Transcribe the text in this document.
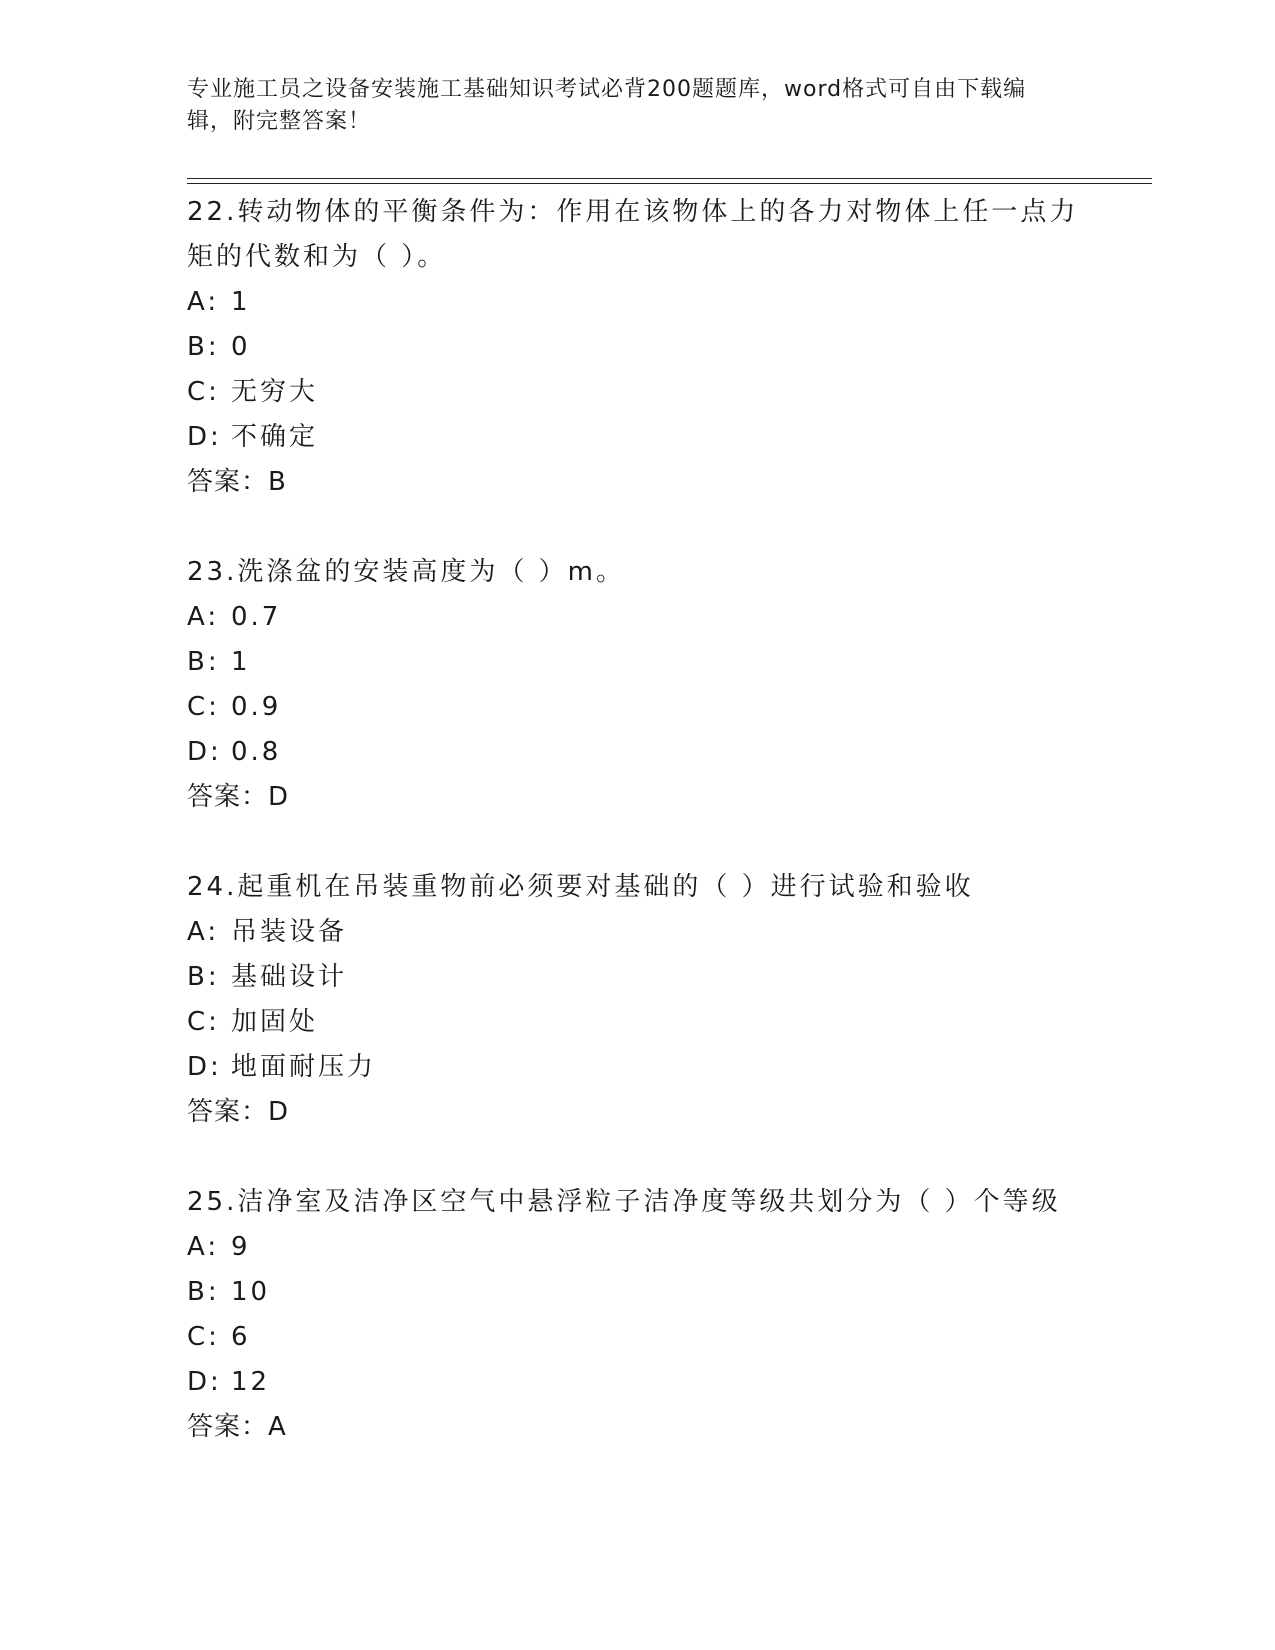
专业施工员之设备安装施工基础知识考试必背200题题库，word格式可自由下载编辑，附完整答案！

22.转动物体的平衡条件为：作用在该物体上的各力对物体上任一点力矩的代数和为（ ）。

A: 1

B: 0

C: 无穷大

D: 不确定

答案：B

23.洗涤盆的安装高度为（ ）m。

A: 0.7

B: 1

C: 0.9

D: 0.8

答案：D

24.起重机在吊装重物前必须要对基础的（ ）进行试验和验收

A: 吊装设备

B: 基础设计

C: 加固处

D: 地面耐压力

答案：D

25.洁净室及洁净区空气中悬浮粒子洁净度等级共划分为（ ）个等级

A: 9

B: 10

C: 6

D: 12

答案：A
